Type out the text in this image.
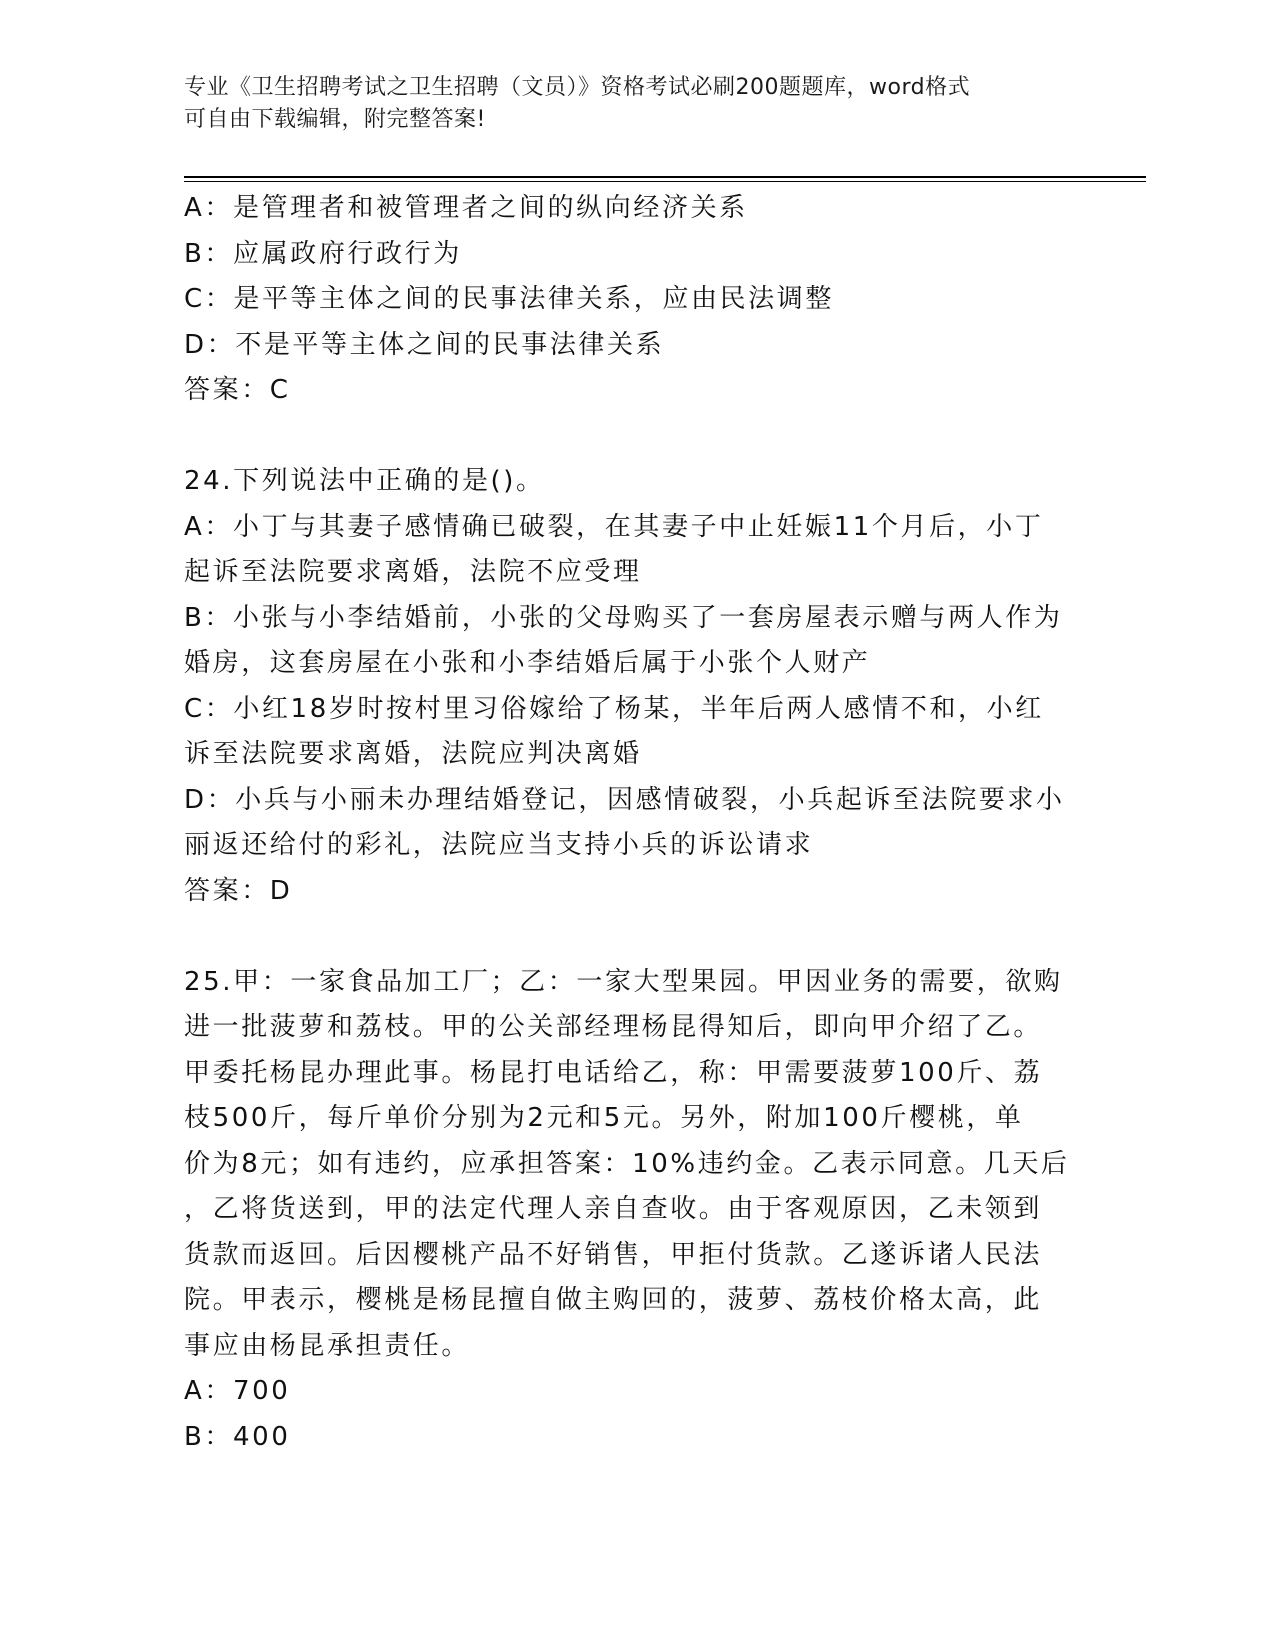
专业《卫生招聘考试之卫生招聘（文员）》资格考试必刷200题题库，word格式
可自由下载编辑，附完整答案!

A：是管理者和被管理者之间的纵向经济关系

B：应属政府行政行为

C：是平等主体之间的民事法律关系，应由民法调整

D：不是平等主体之间的民事法律关系

答案：C

24.下列说法中正确的是()。

A：小丁与其妻子感情确已破裂，在其妻子中止妊娠11个月后，小丁

起诉至法院要求离婚，法院不应受理

B：小张与小李结婚前，小张的父母购买了一套房屋表示赠与两人作为

婚房，这套房屋在小张和小李结婚后属于小张个人财产

C：小红18岁时按村里习俗嫁给了杨某，半年后两人感情不和，小红

诉至法院要求离婚，法院应判决离婚

D：小兵与小丽未办理结婚登记，因感情破裂，小兵起诉至法院要求小

丽返还给付的彩礼，法院应当支持小兵的诉讼请求

答案：D

25.甲：一家食品加工厂；乙：一家大型果园。甲因业务的需要，欲购

进一批菠萝和荔枝。甲的公关部经理杨昆得知后，即向甲介绍了乙。

甲委托杨昆办理此事。杨昆打电话给乙，称：甲需要菠萝100斤、荔

枝500斤，每斤单价分别为2元和5元。另外，附加100斤樱桃，单

价为8元；如有违约，应承担答案：10%违约金。乙表示同意。几天后

，乙将货送到，甲的法定代理人亲自查收。由于客观原因，乙未领到

货款而返回。后因樱桃产品不好销售，甲拒付货款。乙遂诉诸人民法

院。甲表示，樱桃是杨昆擅自做主购回的，菠萝、荔枝价格太高，此

事应由杨昆承担责任。

A：700

B：400
